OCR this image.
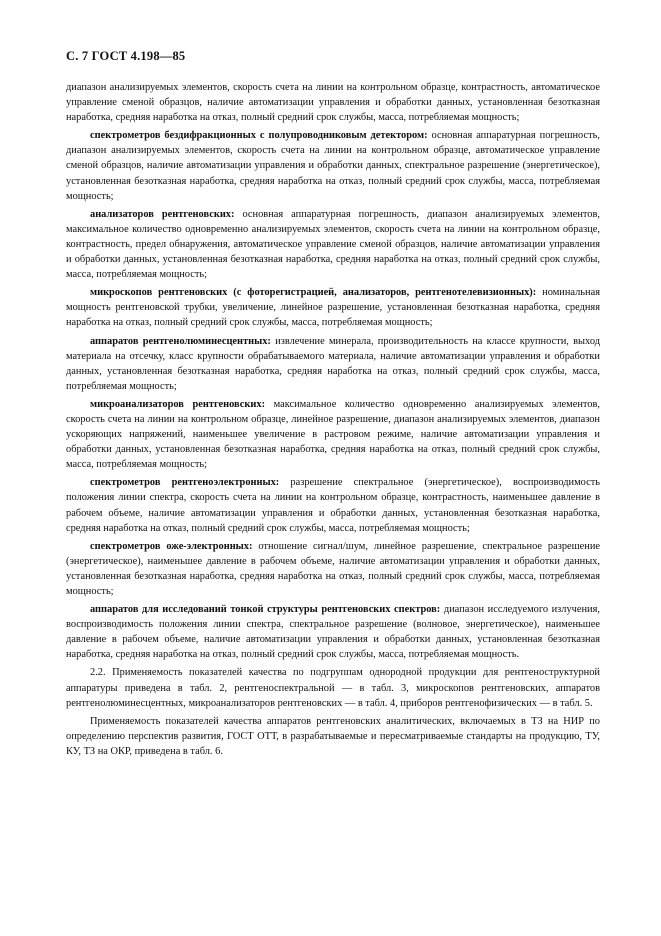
С. 7 ГОСТ 4.198—85

диапазон анализируемых элементов, скорость счета на линии на контрольном образце, контрастность, автоматическое управление сменой образцов, наличие автоматизации управления и обработки данных, установленная безотказная наработка, средняя наработка на отказ, полный средний срок службы, масса, потребляемая мощность;

спектрометров бездифракционных с полупроводниковым детектором: основная аппаратурная погрешность, диапазон анализируемых элементов, скорость счета на линии на контрольном образце, автоматическое управление сменой образцов, наличие автоматизации управления и обработки данных, спектральное разрешение (энергетическое), установленная безотказная наработка, средняя наработка на отказ, полный средний срок службы, масса, потребляемая мощность;

анализаторов рентгеновских: основная аппаратурная погрешность, диапазон анализируемых элементов, максимальное количество одновременно анализируемых элементов, скорость счета на линии на контрольном образце, контрастность, предел обнаружения, автоматическое управление сменой образцов, наличие автоматизации управления и обработки данных, установленная безотказная наработка, средняя наработка на отказ, полный средний срок службы, масса, потребляемая мощность;

микроскопов рентгеновских (с фоторегистрацией, анализаторов, рентгенотелевизионных): номинальная мощность рентгеновской трубки, увеличение, линейное разрешение, установленная безотказная наработка, средняя наработка на отказ, полный средний срок службы, масса, потребляемая мощность;

аппаратов рентгенолюминесцентных: извлечение минерала, производительность на классе крупности, выход материала на отсечку, класс крупности обрабатываемого материала, наличие автоматизации управления и обработки данных, установленная безотказная наработка, средняя наработка на отказ, полный средний срок службы, масса, потребляемая мощность;

микроанализаторов рентгеновских: максимальное количество одновременно анализируемых элементов, скорость счета на линии на контрольном образце, линейное разрешение, диапазон анализируемых элементов, диапазон ускоряющих напряжений, наименьшее увеличение в растровом режиме, наличие автоматизации управления и обработки данных, установленная безотказная наработка, средняя наработка на отказ, полный средний срок службы, масса, потребляемая мощность;

спектрометров рентгеноэлектронных: разрешение спектральное (энергетическое), воспроизводимость положения линии спектра, скорость счета на линии на контрольном образце, контрастность, наименьшее давление в рабочем объеме, наличие автоматизации управления и обработки данных, установленная безотказная наработка, средняя наработка на отказ, полный средний срок службы, масса, потребляемая мощность;

спектрометров оже-электронных: отношение сигнал/шум, линейное разрешение, спектральное разрешение (энергетическое), наименьшее давление в рабочем объеме, наличие автоматизации управления и обработки данных, установленная безотказная наработка, средняя наработка на отказ, полный средний срок службы, масса, потребляемая мощность;

аппаратов для исследований тонкой структуры рентгеновских спектров: диапазон исследуемого излучения, воспроизводимость положения линии спектра, спектральное разрешение (волновое, энергетическое), наименьшее давление в рабочем объеме, наличие автоматизации управления и обработки данных, установленная безотказная наработка, средняя наработка на отказ, полный средний срок службы, масса, потребляемая мощность.

2.2. Применяемость показателей качества по подгруппам однородной продукции для рентгеноструктурной аппаратуры приведена в табл. 2, рентгеноспектральной — в табл. 3, микроскопов рентгеновских, аппаратов рентгенолюминесцентных, микроанализаторов рентгеновских — в табл. 4, приборов рентгенофизических — в табл. 5.

Применяемость показателей качества аппаратов рентгеновских аналитических, включаемых в ТЗ на НИР по определению перспектив развития, ГОСТ ОТТ, в разрабатываемые и пересматриваемые стандарты на продукцию, ТУ, КУ, ТЗ на ОКР, приведена в табл. 6.
